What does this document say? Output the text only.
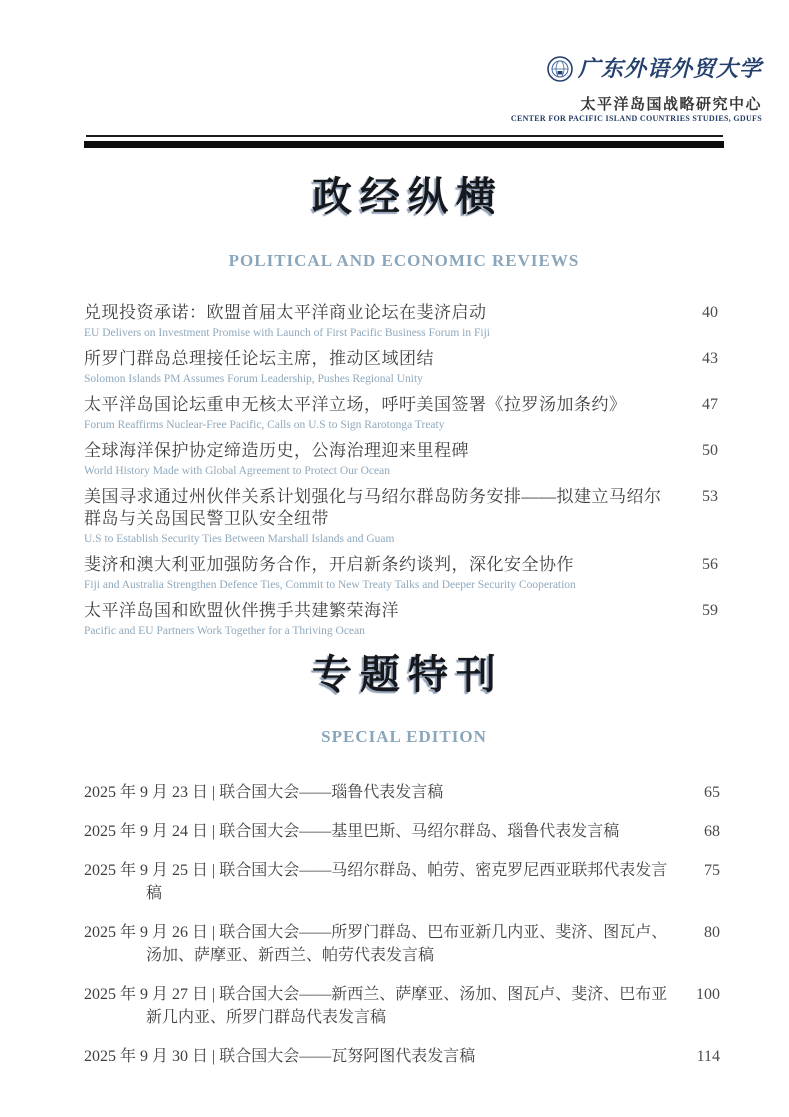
广东外语外贸大学
太平洋岛国战略研究中心
CENTER FOR PACIFIC ISLAND COUNTRIES STUDIES, GDUFS
政经纵横
POLITICAL AND ECONOMIC REVIEWS
兑现投资承诺：欧盟首届太平洋商业论坛在斐济启动
EU Delivers on Investment Promise with Launch of First Pacific Business Forum in Fiji
40
所罗门群岛总理接任论坛主席，推动区域团结
Solomon Islands PM Assumes Forum Leadership, Pushes Regional Unity
43
太平洋岛国论坛重申无核太平洋立场，呼吁美国签署《拉罗汤加条约》
Forum Reaffirms Nuclear-Free Pacific, Calls on U.S to Sign Rarotonga Treaty
47
全球海洋保护协定缔造历史，公海治理迎来里程碑
World History Made with Global Agreement to Protect Our Ocean
50
美国寻求通过州伙伴关系计划强化与马绍尔群岛防务安排——拟建立马绍尔群岛与关岛国民警卫队安全纽带
U.S to Establish Security Ties Between Marshall Islands and Guam
53
斐济和澳大利亚加强防务合作，开启新条约谈判，深化安全协作
Fiji and Australia Strengthen Defence Ties, Commit to New Treaty Talks and Deeper Security Cooperation
56
太平洋岛国和欧盟伙伴携手共建繁荣海洋
Pacific and EU Partners Work Together for a Thriving Ocean
59
专题特刊
SPECIAL EDITION
2025 年 9 月 23 日 | 联合国大会——瑙鲁代表发言稿	65
2025 年 9 月 24 日 | 联合国大会——基里巴斯、马绍尔群岛、瑙鲁代表发言稿	68
2025 年 9 月 25 日 | 联合国大会——马绍尔群岛、帕劳、密克罗尼西亚联邦代表发言稿
75
2025 年 9 月 26 日 | 联合国大会——所罗门群岛、巴布亚新几内亚、斐济、图瓦卢、汤加、萨摩亚、新西兰、帕劳代表发言稿
80
2025 年 9 月 27 日 | 联合国大会——新西兰、萨摩亚、汤加、图瓦卢、斐济、巴布亚新几内亚、所罗门群岛代表发言稿
100
2025 年 9 月 30 日 | 联合国大会——瓦努阿图代表发言稿	114
